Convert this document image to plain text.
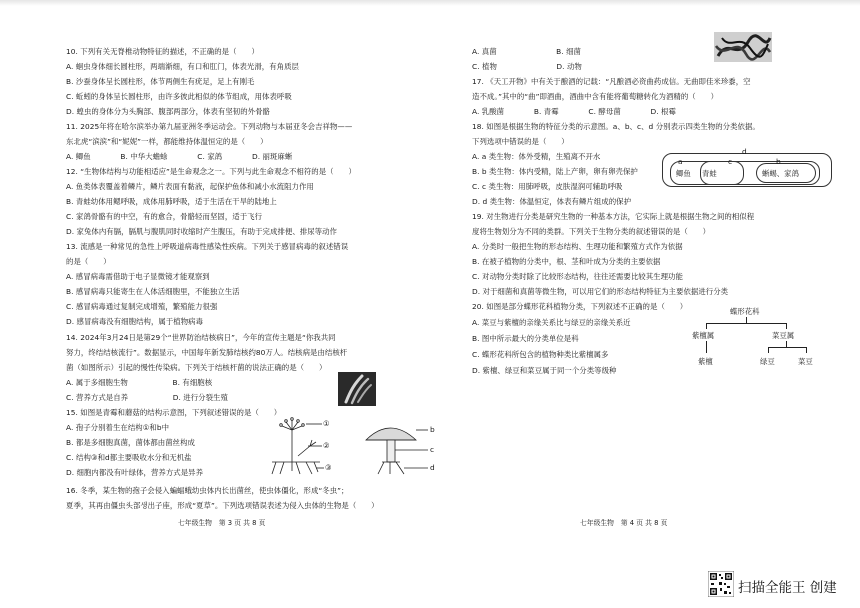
10. 下列有关无脊椎动物特征的描述，不正确的是（　　）
A. 蛔虫身体细长圆柱形，两端渐细，有口和肛门，体表光滑，有角质层
B. 沙蚕身体呈长圆柱形，体节两侧生有疣足，足上有刚毛
C. 蚯蚓的身体呈长圆柱形，由许多彼此相似的体节组成，用体表呼吸
D. 蝗虫的身体分为头胸部、腹部两部分，体表有坚韧的外骨骼
11. 2025年将在哈尔滨举办第九届亚洲冬季运动会。下列动物与本届亚冬会吉祥物——
东北虎“滨滨”和“妮妮”一样，都能维持体温恒定的是（　　）
A. 鲫鱼　　　　B. 中华大蟾蜍　　　　C. 家鸽　　　　D. 丽斑麻蜥
12. “生物体结构与功能相适应”是生命观念之一。下列与此生命观念不相符的是（　　）
A. 鱼类体表覆盖着鳞片，鳞片表面有黏液，起保护鱼体和减小水流阻力作用
B. 青蛙幼体用鳃呼吸，成体用肺呼吸，适于生活在干旱的陆地上
C. 家鸽骨骼有的中空，有的愈合，骨骼轻而坚固，适于飞行
D. 家兔体内有膈，膈肌与腹肌同时收缩时产生腹压，有助于完成排便、排尿等动作
13. 流感是一种常见的急性上呼吸道病毒性感染性疾病。下列关于感冒病毒的叙述错误
的是（　　）
A. 感冒病毒需借助于电子显微镜才能观察到
B. 感冒病毒只能寄生在人体活细胞里，不能独立生活
C. 感冒病毒通过复制完成增殖，繁殖能力很强
D. 感冒病毒没有细胞结构，属于植物病毒
14. 2024年3月24日是第29个“世界防治结核病日”，今年的宣传主题是“你我共同
努力，终结结核流行”。数据显示，中国每年新发肺结核约80万人。结核病是由结核杆
菌（如图所示）引起的慢性传染病。下列关于结核杆菌的说法正确的是（　　）
A. 属于多细胞生物　　　　　　B. 有细胞核
C. 营养方式是自养　　　　　　D. 进行分裂生殖
15. 如图是青霉和蘑菇的结构示意图，下列叙述错误的是（　　）
A. 孢子分别着生在结构①和b中
B. 都是多细胞真菌，菌体都由菌丝构成
C. 结构③和d都主要吸收水分和无机盐
D. 细胞内都没有叶绿体，营养方式是异养
16. 冬季，某生物的孢子会侵入蝙蝠蛾幼虫体内长出菌丝，使虫体僵化，形成“冬虫”；
夏季，其再由僵虫头部생出子座，形成“夏草”。下列选项错误表述为侵入虫体的生物是（　　）
①
②
③
b
c
d
七年级生物　第 3 页 共 8 页
A. 真菌　　　　　　　　B. 细菌
C. 植物　　　　　　　　D. 动物
17. 《天工开物》中有关于酿酒的记载：“凡酿酒必资曲药成信。无曲即佳米珍黍，空
造不成。”其中的“曲”即酒曲，酒曲中含有能将葡萄糖转化为酒精的（　　）
A. 乳酸菌　　　　B. 青霉　　　　C. 酵母菌　　　　D. 根霉
18. 如图是根据生物的特征分类的示意图。a、b、c、d 分别表示四类生物的分类依据。
下列选项中错误的是（　　）
A. a 类生物：体外受精，生殖离不开水
B. b 类生物：体内受精，陆上产卵，卵有卵壳保护
C. c 类生物：用肺呼吸，皮肤湿润可辅助呼吸
D. d 类生物：体温恒定，体表有鳞片组成的保护
19. 对生物进行分类是研究生物的一种基本方法，它实际上就是根据生物之间的相似程
度将生物划分为不同的类群。下列关于生物分类的叙述错误的是（　　）
A. 分类时一般把生物的形态结构、生理功能和繁殖方式作为依据
B. 在被子植物的分类中，根、茎和叶成为分类的主要依据
C. 对动物分类时除了比较形态结构，往往还需要比较其生理功能
D. 对于细菌和真菌等微生物，可以用它们的形态结构特征为主要依据进行分类
20. 如图是部分蝶形花科植物分类，下列叙述不正确的是（　　）
A. 菜豆与紫檀的亲缘关系比与绿豆的亲缘关系近
B. 图中所示最大的分类单位是科
C. 蝶形花科所包含的植物种类比紫檀属多
D. 紫檀、绿豆和菜豆属于同一个分类等级种
d
a	c	b
鲫鱼 青蛙	蜥蜴、家鸽
蝶形花科
紫檀属	菜豆属
紫檀	绿豆	菜豆
七年级生物　第 4 页 共 8 页
扫描全能王 创建
